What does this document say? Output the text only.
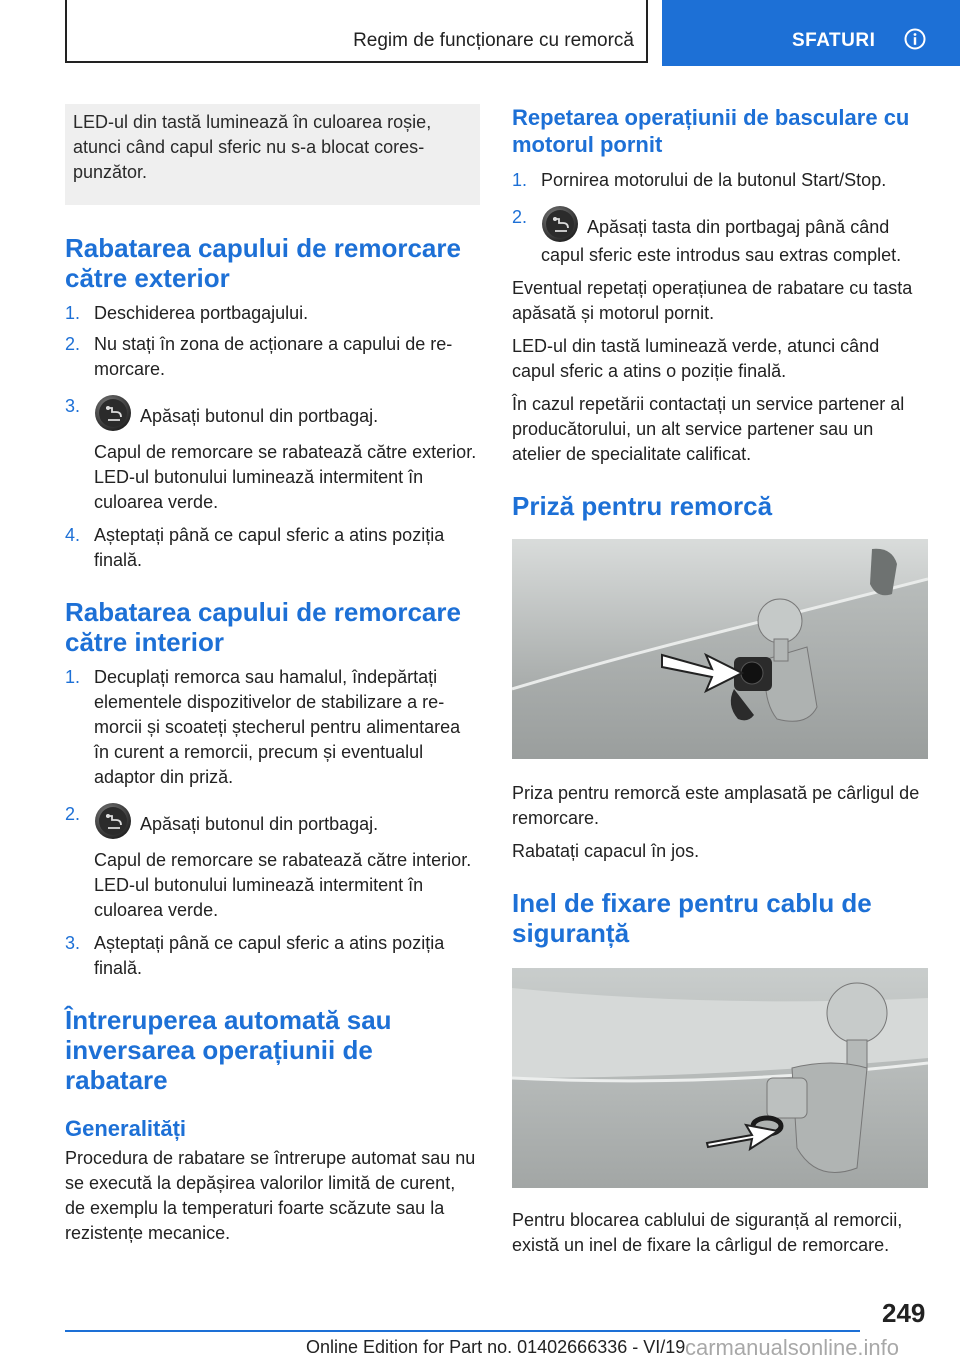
Regim de funcționare cu remorcă	SFATURI
LED-ul din tastă luminează în culoarea roșie, atunci când capul sferic nu s-a blocat corespunzător.
Rabatarea capului de remorcare către exterior
1. Deschiderea portbagajului.
2. Nu stați în zona de acționare a capului de remorcare.
3.	Apăsați butonul din portbagaj.
Capul de remorcare se rabatează către exterior. LED-ul butonului luminează intermitent în culoarea verde.
4. Așteptați până ce capul sferic a atins poziția finală.
Rabatarea capului de remorcare către interior
1. Decuplați remorca sau hamalul, îndepărtați elementele dispozitivelor de stabilizare a remorcii și scoateți ștecherul pentru alimentarea în curent a remorcii, precum și eventualul adaptor din priză.
2.	Apăsați butonul din portbagaj.
Capul de remorcare se rabatează către interior. LED-ul butonului luminează intermitent în culoarea verde.
3. Așteptați până ce capul sferic a atins poziția finală.
Întreruperea automată sau inversarea operațiunii de rabatare
Generalități

Procedura de rabatare se întrerupe automat sau nu se execută la depășirea valorilor limită de curent, de exemplu la temperaturi foarte scăzute sau la rezistențe mecanice.

Repetarea operațiunii de basculare cu motorul pornit
1. Pornirea motorului de la butonul Start/Stop.
2.	Apăsați tasta din portbagaj până când capul sferic este introdus sau extras complet.

Eventual repetați operațiunea de rabatare cu tasta apăsată și motorul pornit.

LED-ul din tastă luminează verde, atunci când capul sferic a atins o poziție finală.

În cazul repetării contactați un service partener al producătorului, un alt service partener sau un atelier de specialitate calificat.

Priză pentru remorcă

Priza pentru remorcă este amplasată pe cârligul de remorcare.

Rabatați capacul în jos.

Inel de fixare pentru cablu de siguranță

Pentru blocarea cablului de siguranță al remorcii, există un inel de fixare la cârligul de remorcare.

249
Online Edition for Part no. 01402666336 - VI/19 carmanualsonline.info
